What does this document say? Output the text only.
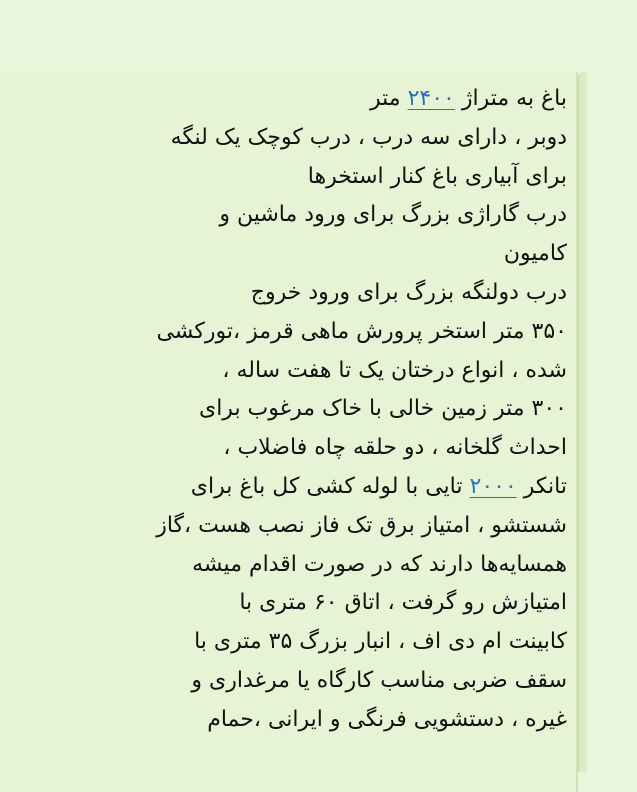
باغ به متراژ ۲۴۰۰ متر
دوبر ، دارای سه درب ، درب کوچک یک لنگه
برای آبیاری باغ کنار استخرها
درب گاراژی بزرگ برای ورود ماشین و
کامیون
درب دولنگه بزرگ برای ورود خروج
۳۵۰ متر استخر پرورش ماهی قرمز ،تورکشی
شده ، انواع درختان یک تا هفت ساله ،
۳۰۰ متر زمین خالی با خاک مرغوب برای
احداث گلخانه ، دو حلقه چاه فاضلاب ،
تانکر ۲۰۰۰ تایی با لوله کشی کل باغ برای
شستشو ، امتیاز برق تک فاز نصب هست ،گاز
همسایه‌ها دارند که در صورت اقدام میشه
امتیازش رو گرفت ، اتاق ۶۰ متری با
کابینت ام دی اف ، انبار بزرگ ۳۵ متری با
سقف ضربی مناسب کارگاه یا مرغداری و
غیره ، دستشویی فرنگی و ایرانی ،حمام
